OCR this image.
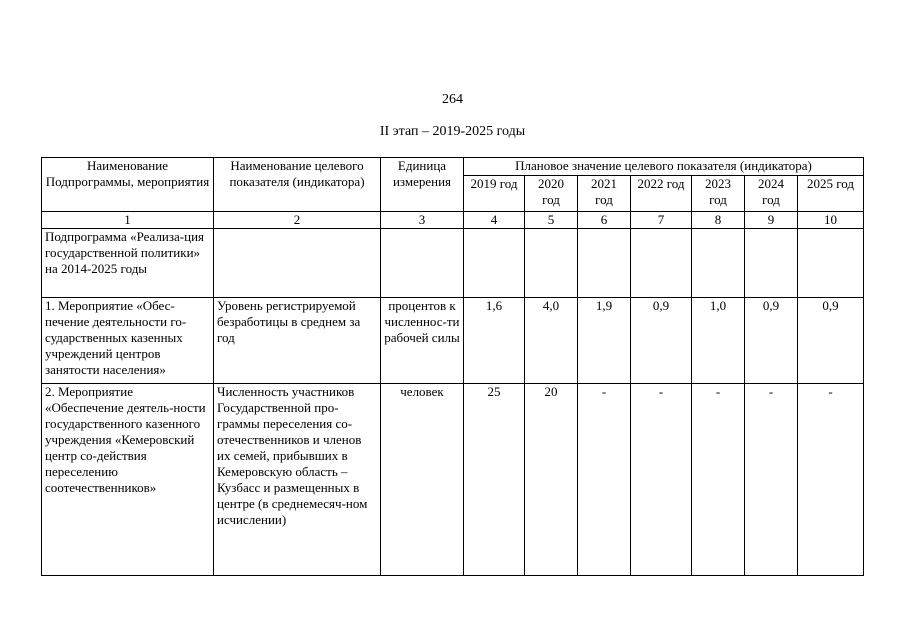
264
II этап – 2019-2025 годы
Наименование Подпрограммы, мероприятия	Наименование целевого показателя (индикатора)	Единица измерения	Плановое значение целевого показателя (индикатора)						
			2019 год	2020 год	2021 год	2022 год	2023 год	2024 год	2025 год
1	2	3	4	5	6	7	8	9	10
Подпрограмма «Реализа-ция государственной политики» на 2014-2025 годы									
1. Мероприятие «Обес-печение деятельности го-сударственных казенных учреждений центров занятости населения»	Уровень регистрируемой безработицы в среднем за год	процентов к численнос-ти рабочей силы	1,6	4,0	1,9	0,9	1,0	0,9	0,9
2. Мероприятие «Обеспечение деятель-ности государственного казенного учреждения «Кемеровский центр со-действия переселению соотечественников»	Численность участников Государственной про-граммы переселения со-отечественников и членов их семей, прибывших в Кемеровскую область – Кузбасс и размещенных в центре (в среднемесяч-ном исчислении)	человек	25	20	-	-	-	-	-
